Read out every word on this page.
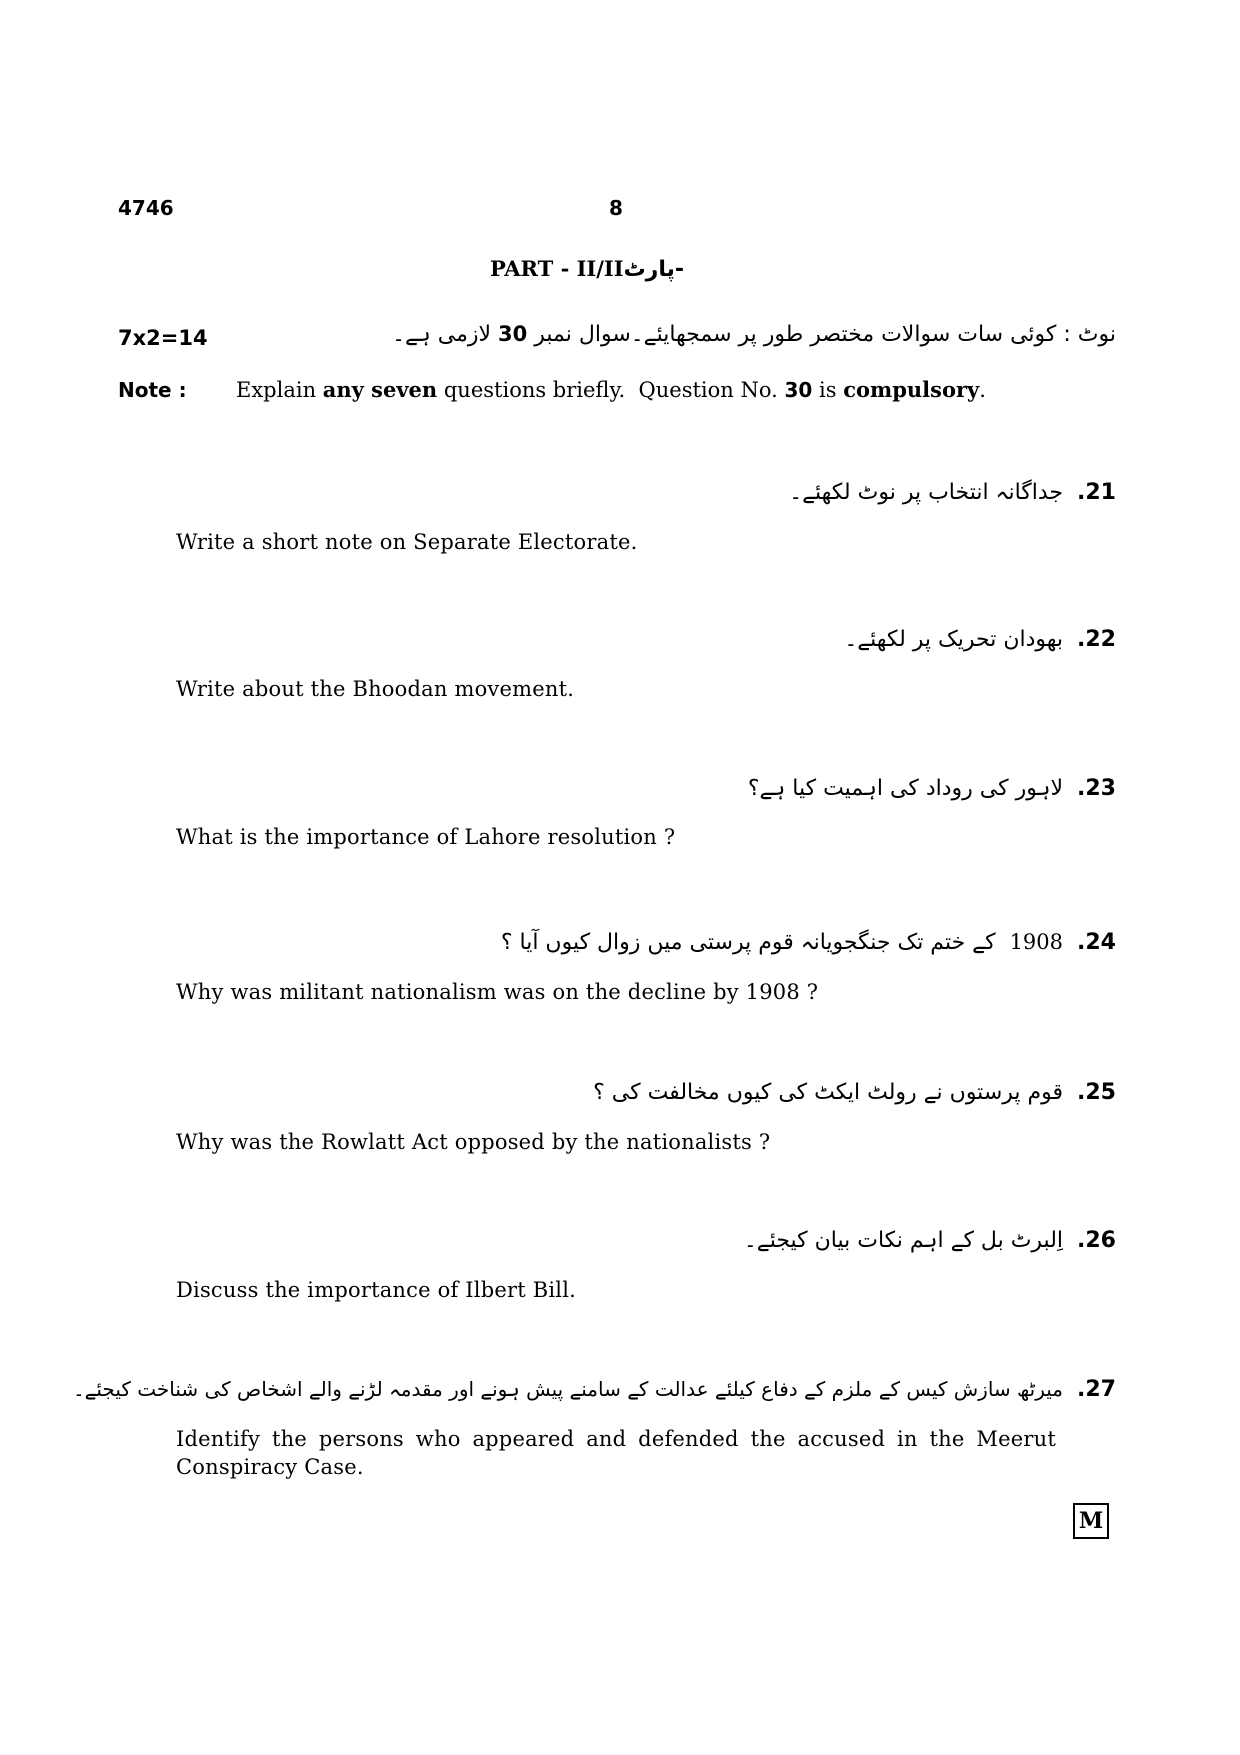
4746	8
PART - II/II-پارٹ
7x2=14	نوٹ : کوئی سات سوالات مختصر طور پر سمجھایئے۔سوال نمبر 30 لازمی ہے۔
Note : Explain any seven questions briefly.  Question No. 30 is compulsory.
جداگانہ انتخاب پر نوٹ لکھئے۔ .21
Write a short note on Separate Electorate.
بھودان تحریک پر لکھئے۔ .22
Write about the Bhoodan movement.
لاہور کی روداد کی اہمیت کیا ہے؟ .23
What is the importance of Lahore resolution ?
کے ختم تک جنگجویانہ قوم پرستی میں زوال کیوں آیا ؟ 1908 .24
Why was militant nationalism was on the decline by 1908 ?
قوم پرستوں نے رولٹ ایکٹ کی کیوں مخالفت کی ؟ .25
Why was the Rowlatt Act opposed by the nationalists ?
اِلبرٹ بل کے اہم نکات بیان کیجئے۔ .26
Discuss the importance of Ilbert Bill.
میرٹھ سازش کیس کے ملزم کے دفاع کیلئے عدالت کے سامنے پیش ہونے اور مقدمہ لڑنے والے اشخاص کی شناخت کیجئے۔ .27
Identify the persons who appeared and defended the accused in the Meerut Conspiracy Case.
M
